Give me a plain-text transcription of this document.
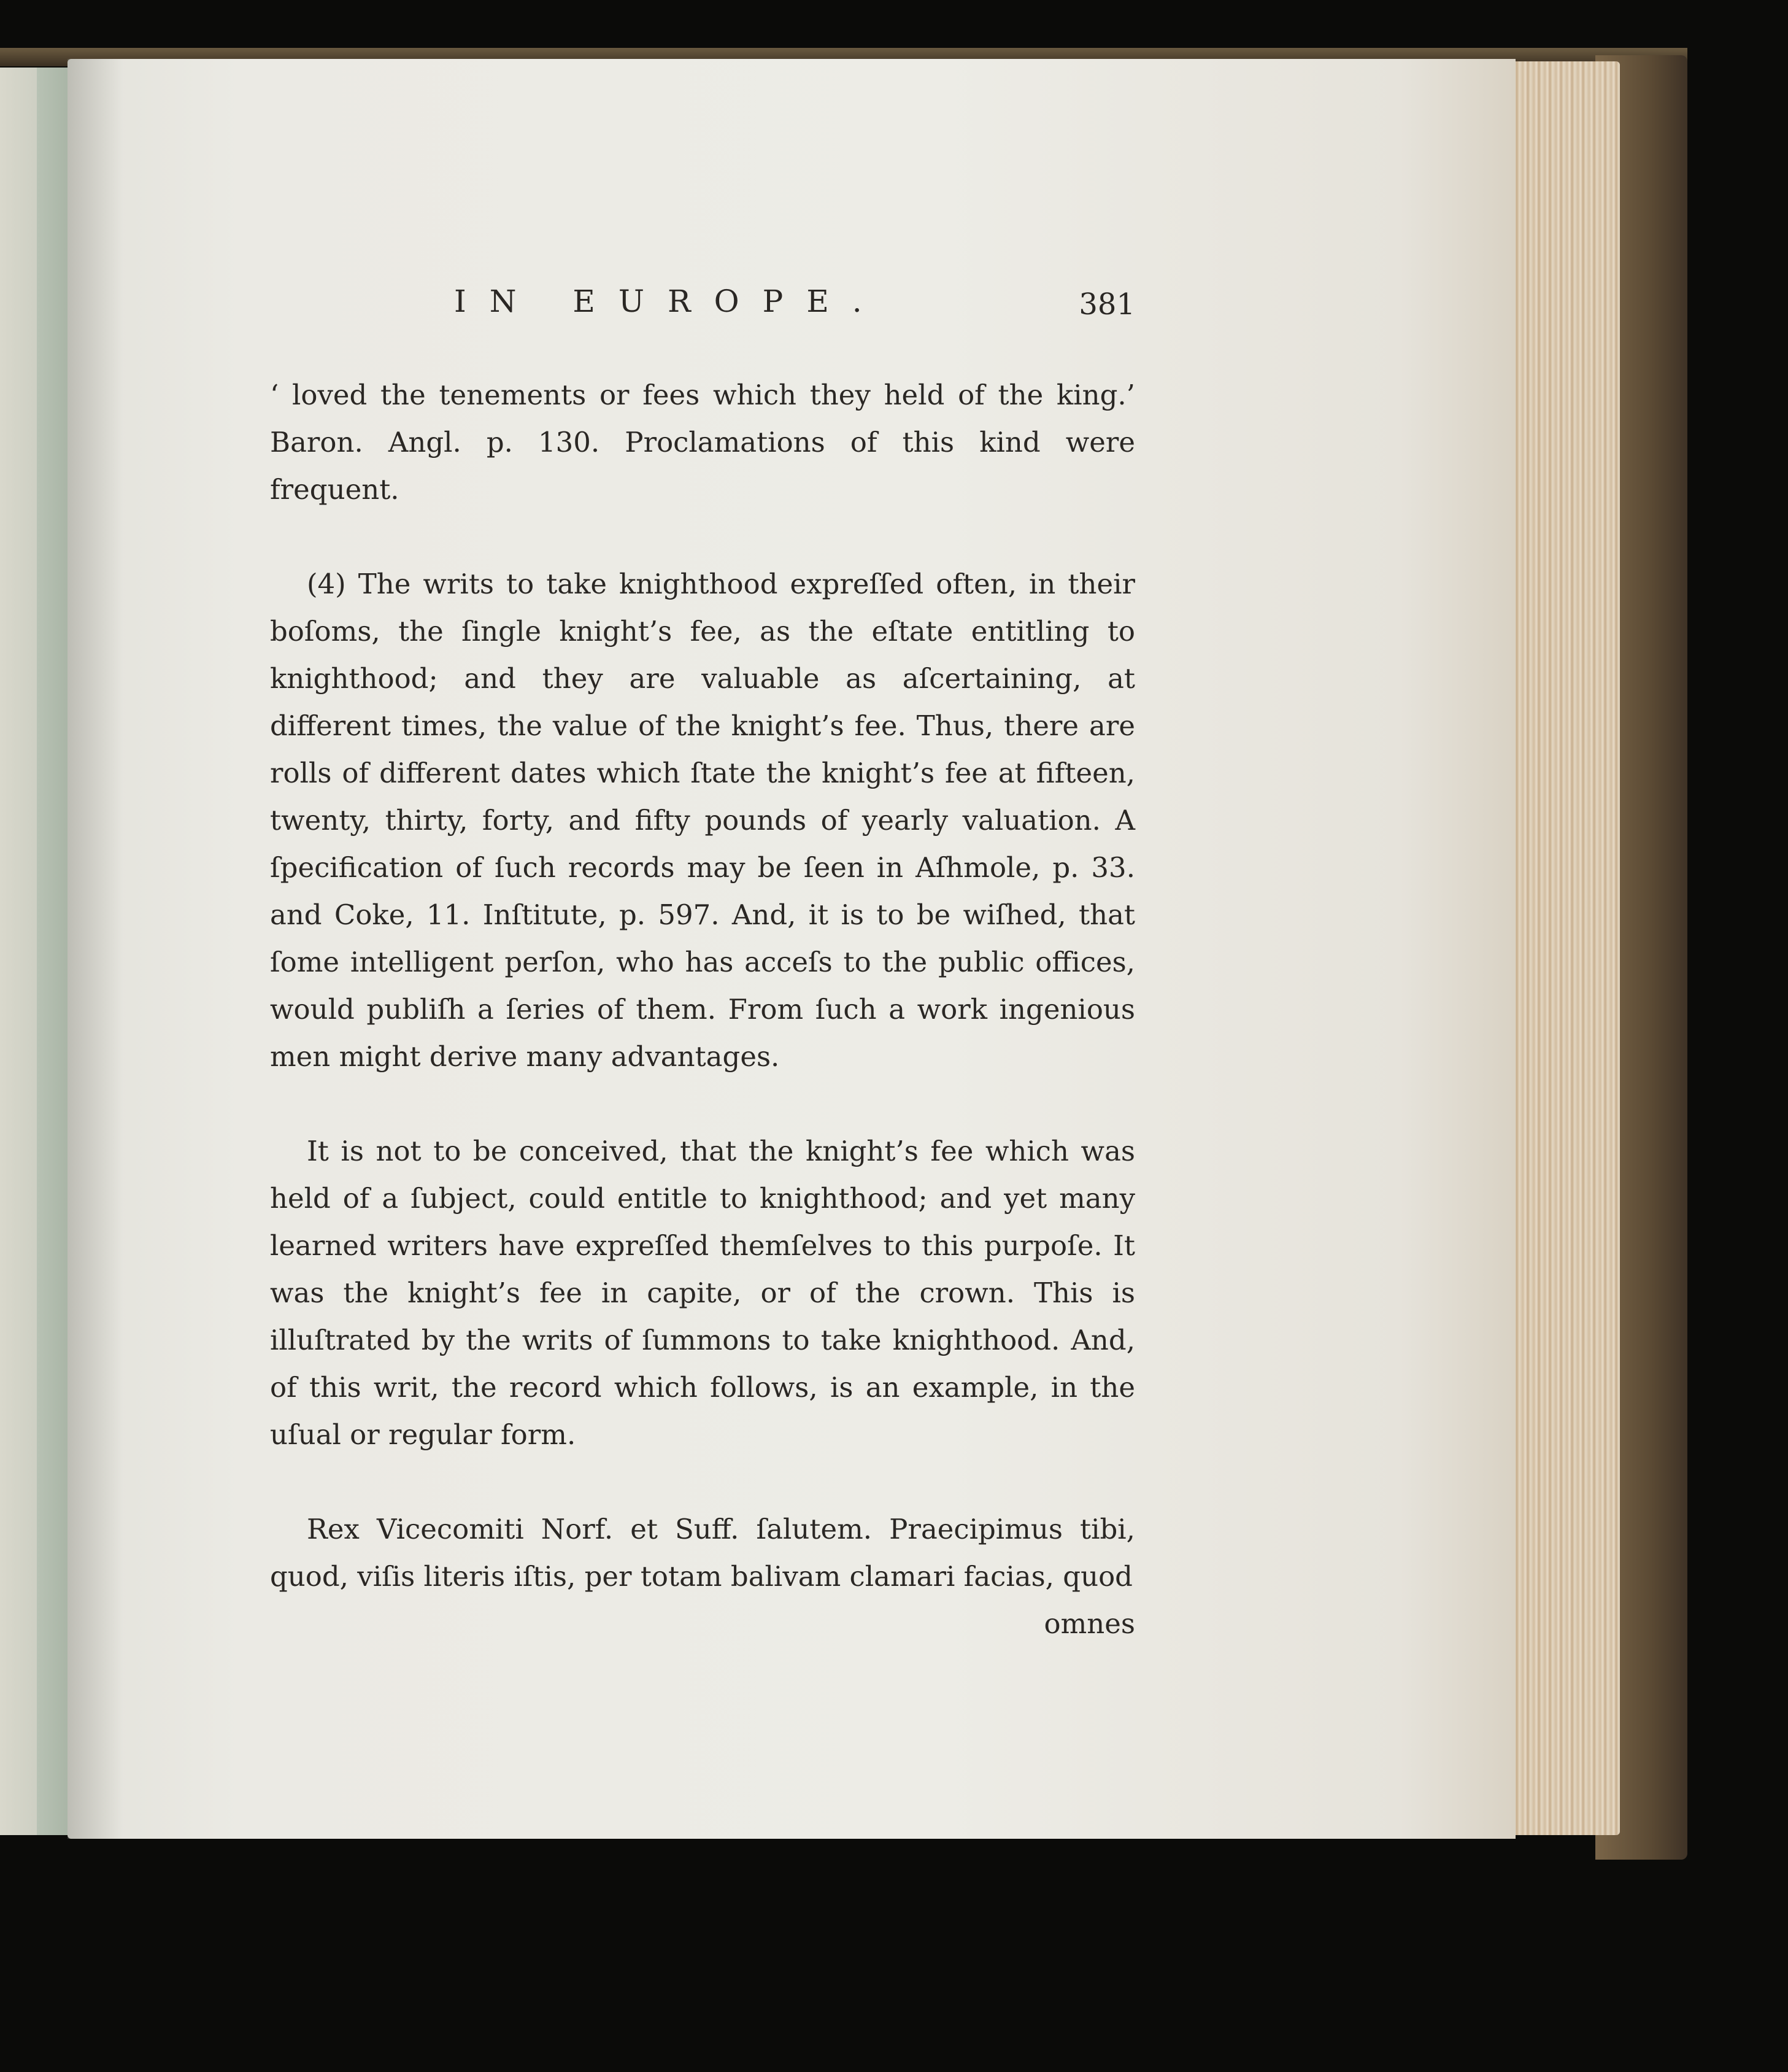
IN EUROPE.	381

‘ loved the tenements or fees which they held of the king.’ Baron. Angl. p. 130. Proclamations of this kind were frequent.

(4) The writs to take knighthood expreſſed often, in their boſoms, the ſingle knight’s fee, as the eſtate entitling to knighthood; and they are valuable as aſcertaining, at different times, the value of the knight’s fee. Thus, there are rolls of different dates which ſtate the knight’s fee at fifteen, twenty, thirty, forty, and fifty pounds of yearly valuation. A ſpecification of ſuch records may be ſeen in Aſhmole, p. 33. and Coke, 11. Inſtitute, p. 597. And, it is to be wiſhed, that ſome intelligent perſon, who has acceſs to the public offices, would publiſh a ſeries of them. From ſuch a work ingenious men might derive many advantages.

It is not to be conceived, that the knight’s fee which was held of a ſubject, could entitle to knighthood; and yet many learned writers have expreſſed themſelves to this purpoſe. It was the knight’s fee in capite, or of the crown. This is illuſtrated by the writs of ſummons to take knighthood. And, of this writ, the record which follows, is an example, in the uſual or regular form.

Rex Vicecomiti Norf. et Suff. ſalutem. Praecipimus tibi, quod, viſis literis iſtis, per totam balivam clamari facias, quod

omnes
